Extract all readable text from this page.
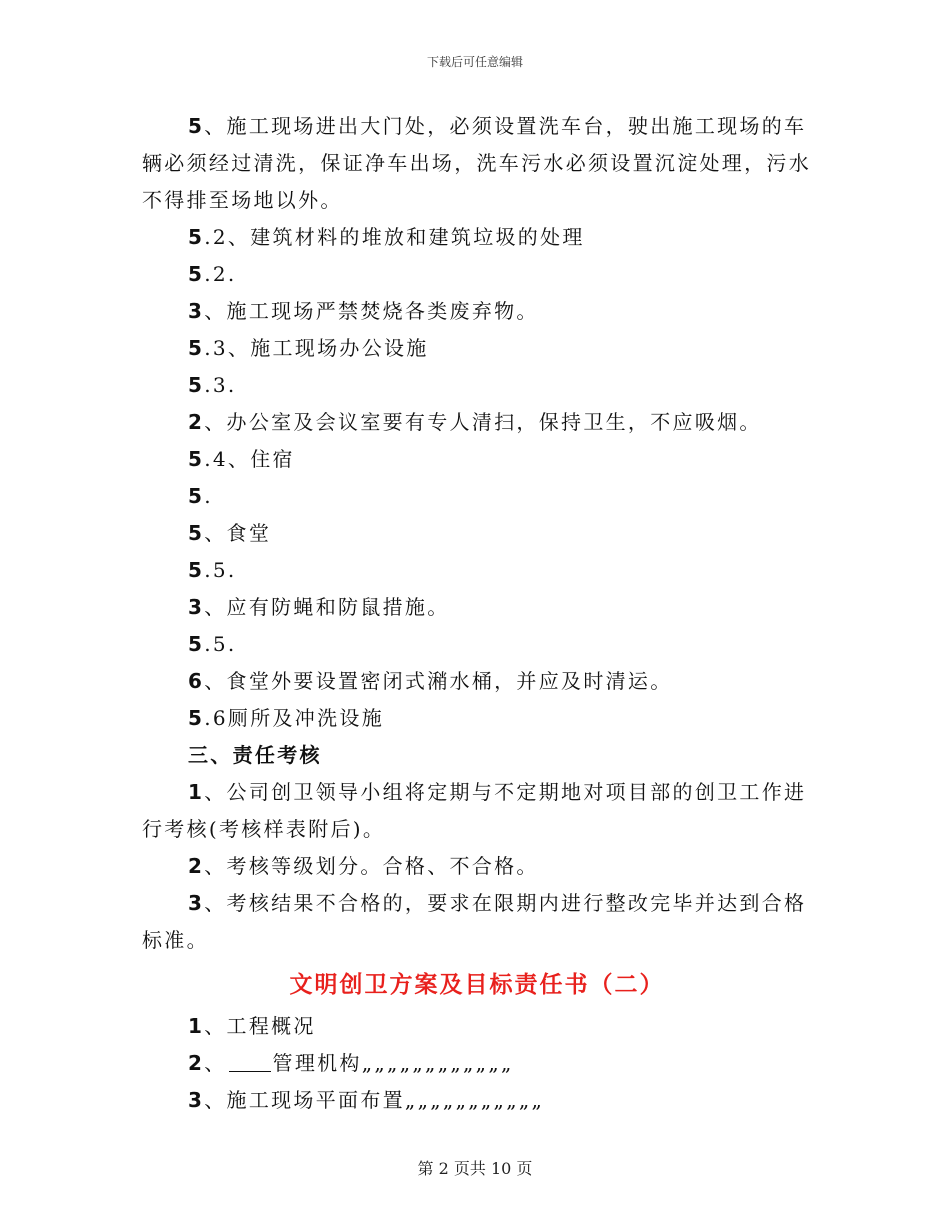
下载后可任意编辑

5、施工现场进出大门处，必须设置洗车台，驶出施工现场的车辆必须经过清洗，保证净车出场，洗车污水必须设置沉淀处理，污水不得排至场地以外。

5.2、建筑材料的堆放和建筑垃圾的处理

5.2.

3、施工现场严禁焚烧各类废弃物。

5.3、施工现场办公设施

5.3.

2、办公室及会议室要有专人清扫，保持卫生，不应吸烟。

5.4、住宿

5.

5、食堂

5.5.

3、应有防蝇和防鼠措施。

5.5.

6、食堂外要设置密闭式潲水桶，并应及时清运。

5.6厕所及冲洗设施

三、责任考核

1、公司创卫领导小组将定期与不定期地对项目部的创卫工作进行考核(考核样表附后)。

2、考核等级划分。合格、不合格。

3、考核结果不合格的，要求在限期内进行整改完毕并达到合格标准。

文明创卫方案及目标责任书（二）

1、工程概况

2、 管理机构„„„„„„„„„„„„

3、施工现场平面布置„„„„„„„„„„„

第 2 页共 10 页
